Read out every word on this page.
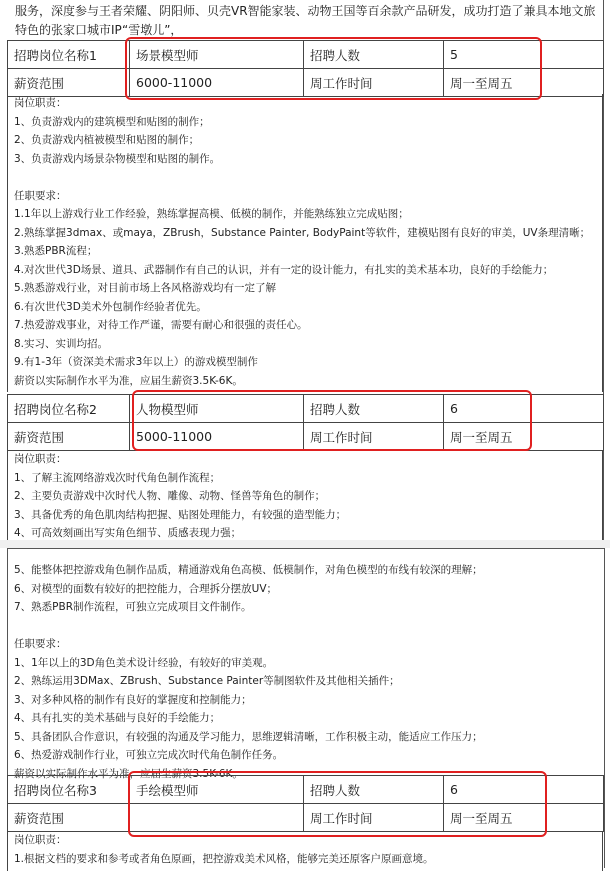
服务，深度参与王者荣耀、阴阳师、贝壳VR智能家装、动物王国等百余款产品研发，成功打造了兼具本地文旅特色的张家口城市IP“雪墩儿”，
招聘岗位名称1	场景模型师	招聘人数	5
薪资范围	6000-11000	周工作时间	周一至周五

岗位职责：

1、负责游戏内的建筑模型和贴图的制作；

2、负责游戏内植被模型和贴图的制作；

3、负责游戏内场景杂物模型和贴图的制作。

任职要求：

1.1年以上游戏行业工作经验，熟练掌握高模、低模的制作，并能熟练独立完成贴图；

2.熟练掌握3dmax、或maya，ZBrush，Substance Painter, BodyPaint等软件，建模贴图有良好的审美，UV条理清晰；

3.熟悉PBR流程；

4.对次世代3D场景、道具、武器制作有自己的认识，并有一定的设计能力，有扎实的美术基本功，良好的手绘能力；

5.熟悉游戏行业，对目前市场上各风格游戏均有一定了解

6.有次世代3D美术外包制作经验者优先。

7.热爱游戏事业，对待工作严谨，需要有耐心和很强的责任心。

8.实习、实训均招。

9.有1-3年（资深美术需求3年以上）的游戏模型制作

薪资以实际制作水平为准，应届生薪资3.5K-6K。

招聘岗位名称2	人物模型师	招聘人数	6
薪资范围	5000-11000	周工作时间	周一至周五

岗位职责：

1、了解主流网络游戏次时代角色制作流程；

2、主要负责游戏中次时代人物、雕像、动物、怪兽等角色的制作；

3、具备优秀的角色肌肉结构把握、贴图处理能力，有较强的造型能力；

4、可高效刻画出写实角色细节、质感表现力强；

5、能整体把控游戏角色制作品质，精通游戏角色高模、低模制作，对角色模型的布线有较深的理解；

6、对模型的面数有较好的把控能力，合理拆分摆放UV；

7、熟悉PBR制作流程，可独立完成项目文件制作。

任职要求：

1、1年以上的3D角色美术设计经验，有较好的审美观。

2、熟练运用3DMax、ZBrush、Substance Painter等制图软件及其他相关插件；

3、对多种风格的制作有良好的掌握度和控制能力；

4、具有扎实的美术基础与良好的手绘能力；

5、具备团队合作意识，有较强的沟通及学习能力，思维逻辑清晰，工作积极主动，能适应工作压力；

6、热爱游戏制作行业，可独立完成次时代角色制作任务。

薪资以实际制作水平为准，应届生薪资3.5K-6K。

招聘岗位名称3	手绘模型师	招聘人数	6
薪资范围		周工作时间	周一至周五

岗位职责：

1.根据文档的要求和参考或者角色原画，把控游戏美术风格，能够完美还原客户原画意境。
